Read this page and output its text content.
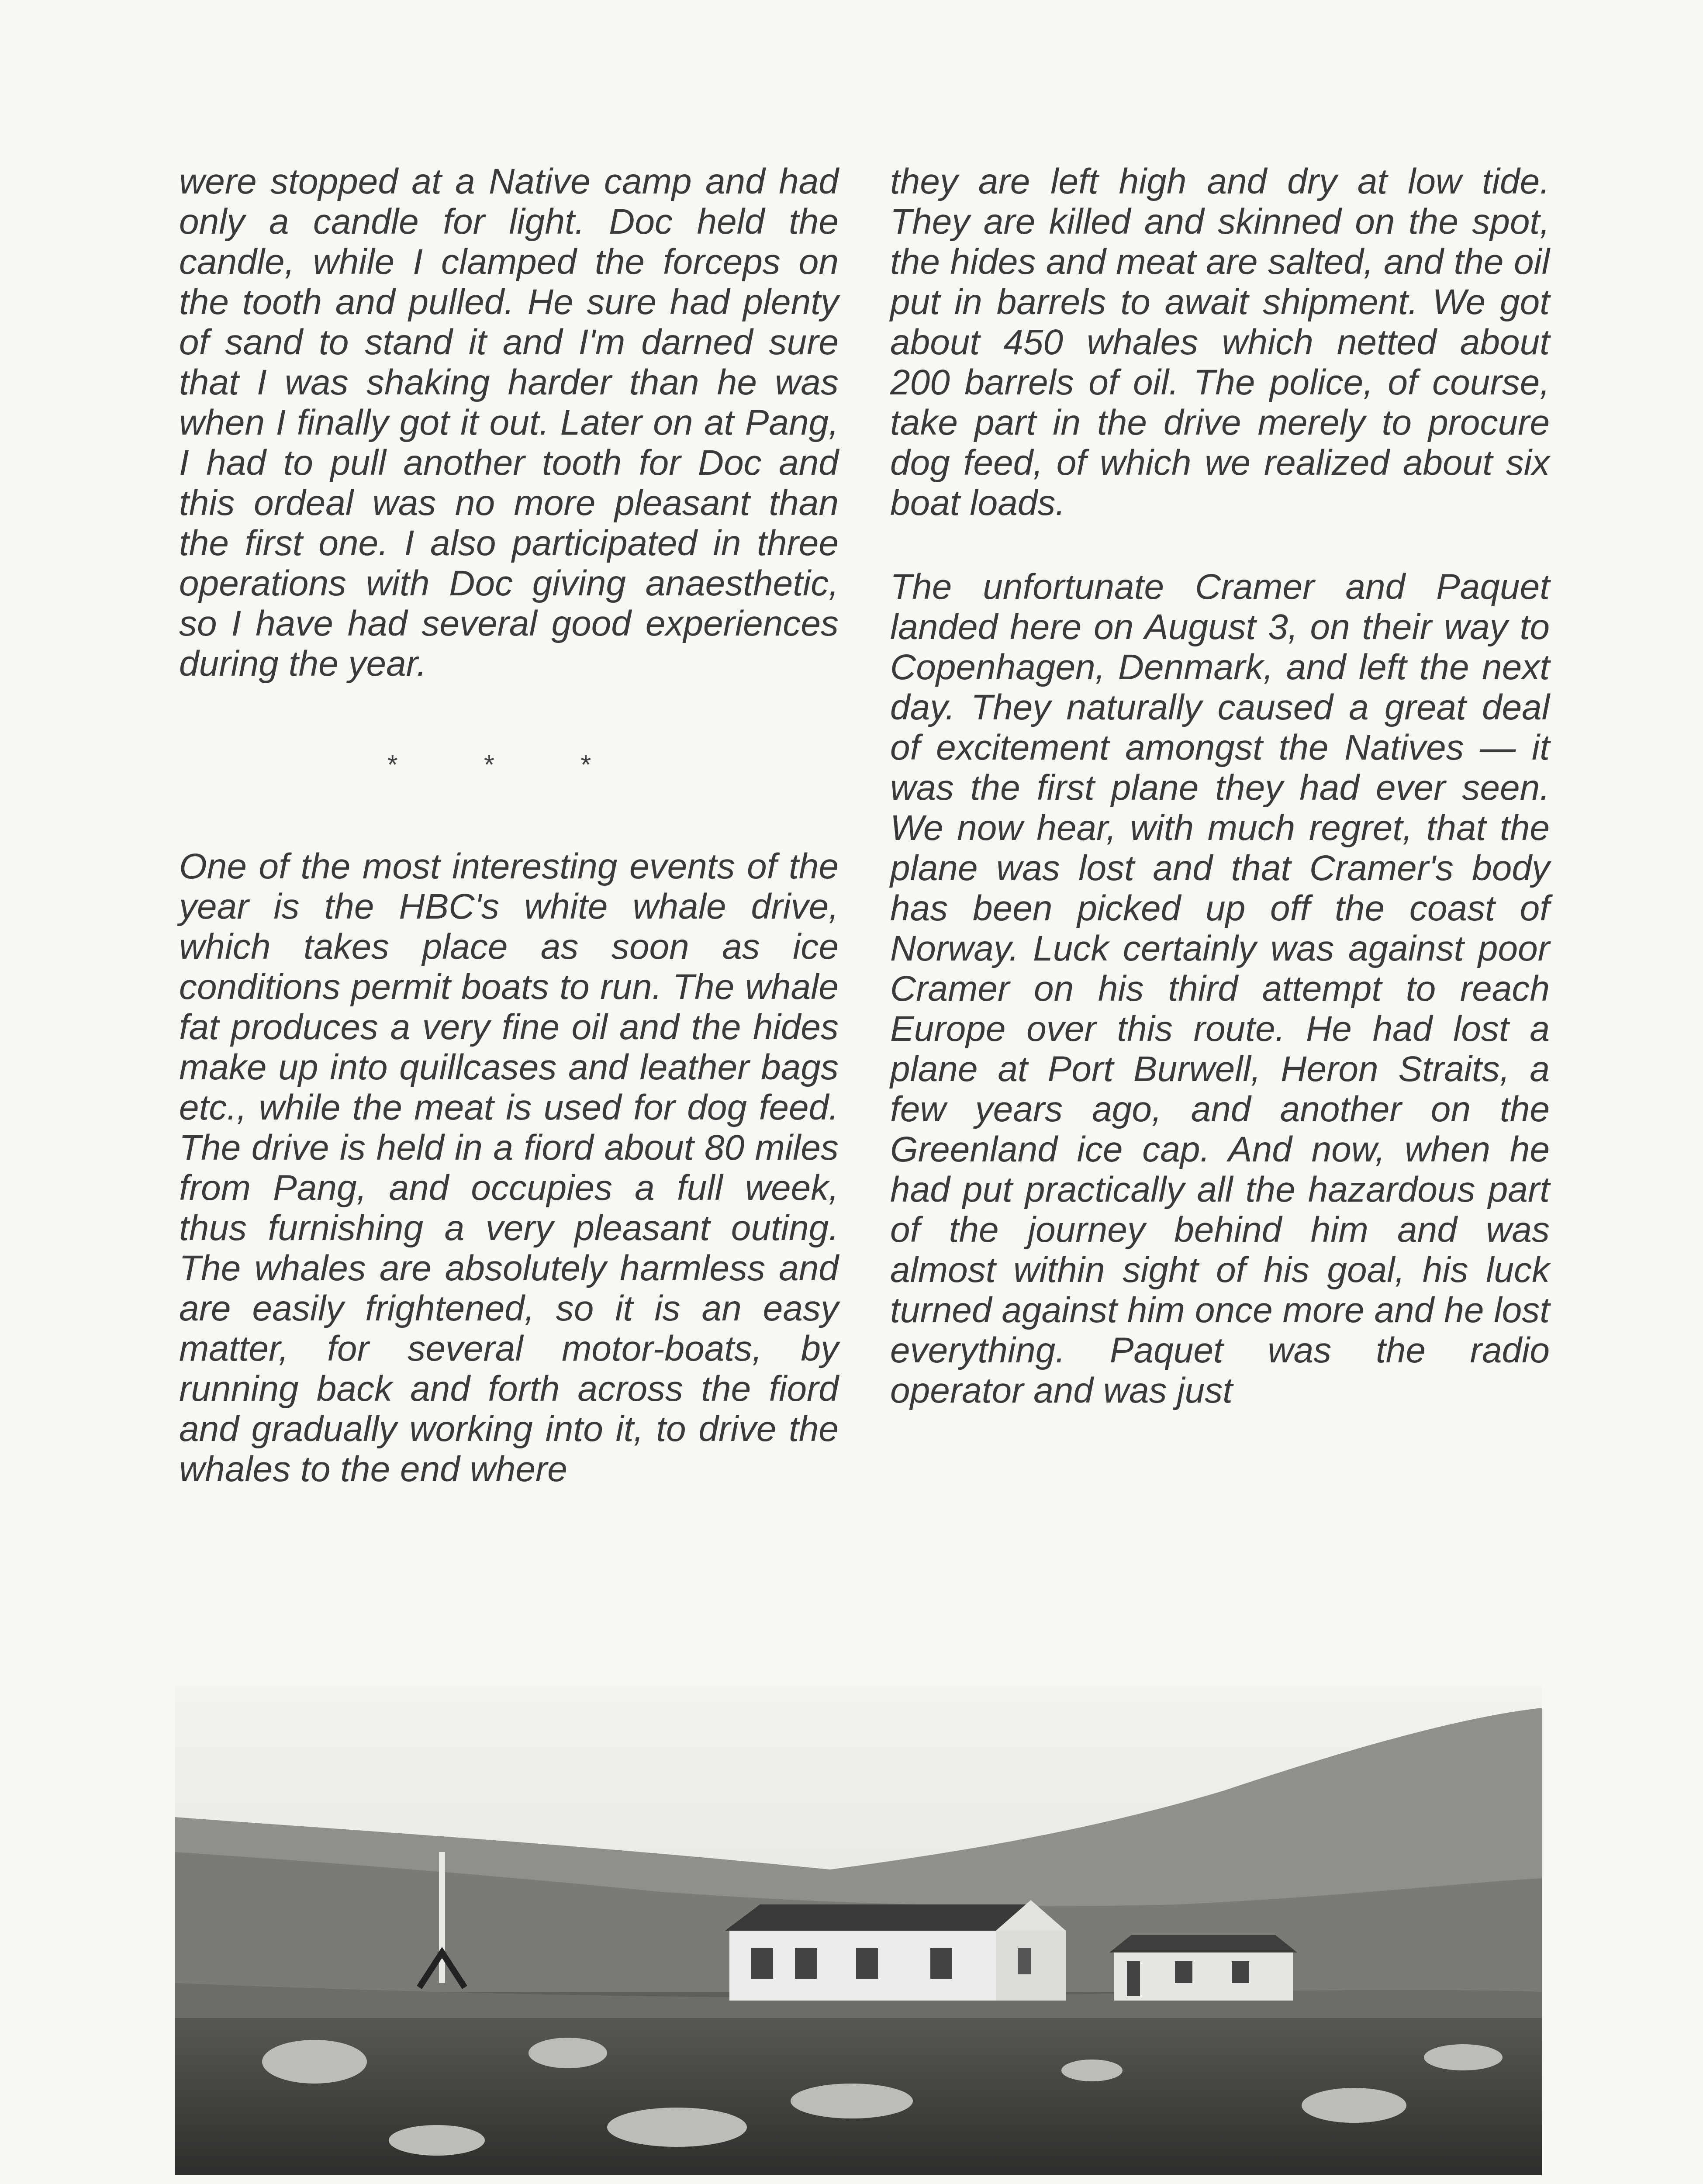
were stopped at a Native camp and had only a candle for light. Doc held the candle, while I clamped the forceps on the tooth and pulled. He sure had plenty of sand to stand it and I'm darned sure that I was shaking harder than he was when I finally got it out. Later on at Pang, I had to pull another tooth for Doc and this ordeal was no more pleasant than the first one. I also participated in three operations with Doc giving anaesthetic, so I have had several good experiences during the year.

* * *

One of the most interesting events of the year is the HBC's white whale drive, which takes place as soon as ice conditions permit boats to run. The whale fat produces a very fine oil and the hides make up into quillcases and leather bags etc., while the meat is used for dog feed. The drive is held in a fiord about 80 miles from Pang, and occupies a full week, thus furnishing a very pleasant outing. The whales are absolutely harmless and are easily frightened, so it is an easy matter, for several motor-boats, by running back and forth across the fiord and gradually working into it, to drive the whales to the end where

they are left high and dry at low tide. They are killed and skinned on the spot, the hides and meat are salted, and the oil put in barrels to await shipment. We got about 450 whales which netted about 200 barrels of oil. The police, of course, take part in the drive merely to procure dog feed, of which we realized about six boat loads.

The unfortunate Cramer and Paquet landed here on August 3, on their way to Copenhagen, Denmark, and left the next day. They naturally caused a great deal of excitement amongst the Natives — it was the first plane they had ever seen. We now hear, with much regret, that the plane was lost and that Cramer's body has been picked up off the coast of Norway. Luck certainly was against poor Cramer on his third attempt to reach Europe over this route. He had lost a plane at Port Burwell, Heron Straits, a few years ago, and another on the Greenland ice cap. And now, when he had put practically all the hazardous part of the journey behind him and was almost within sight of his goal, his luck turned against him once more and he lost everything. Paquet was the radio operator and was just
